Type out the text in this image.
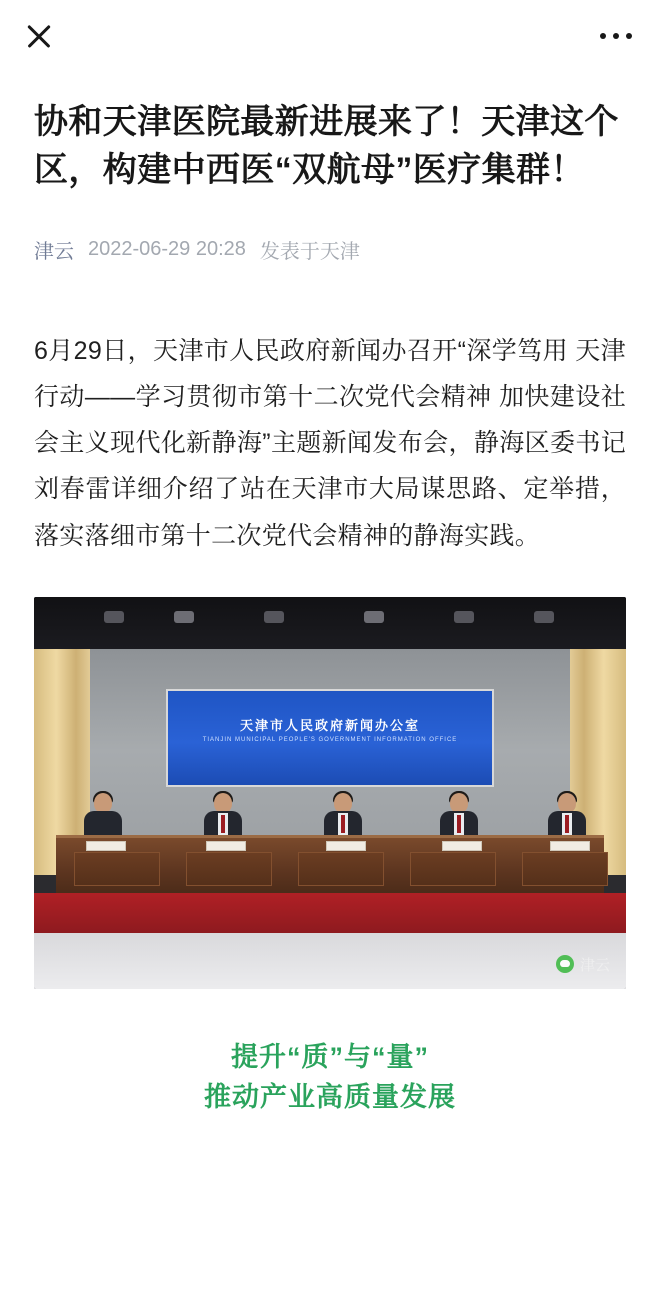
协和天津医院最新进展来了！天津这个区，构建中西医“双航母”医疗集群！
津云 2022-06-29 20:28 发表于天津

6月29日，天津市人民政府新闻办召开“深学笃用 天津行动——学习贯彻市第十二次党代会精神 加快建设社会主义现代化新静海”主题新闻发布会，静海区委书记刘春雷详细介绍了站在天津市大局谋思路、定举措，落实落细市第十二次党代会精神的静海实践。

天津市人民政府新闻办公室
TIANJIN MUNICIPAL PEOPLE'S GOVERNMENT INFORMATION OFFICE
津云
提升“质”与“量”
推动产业高质量发展
